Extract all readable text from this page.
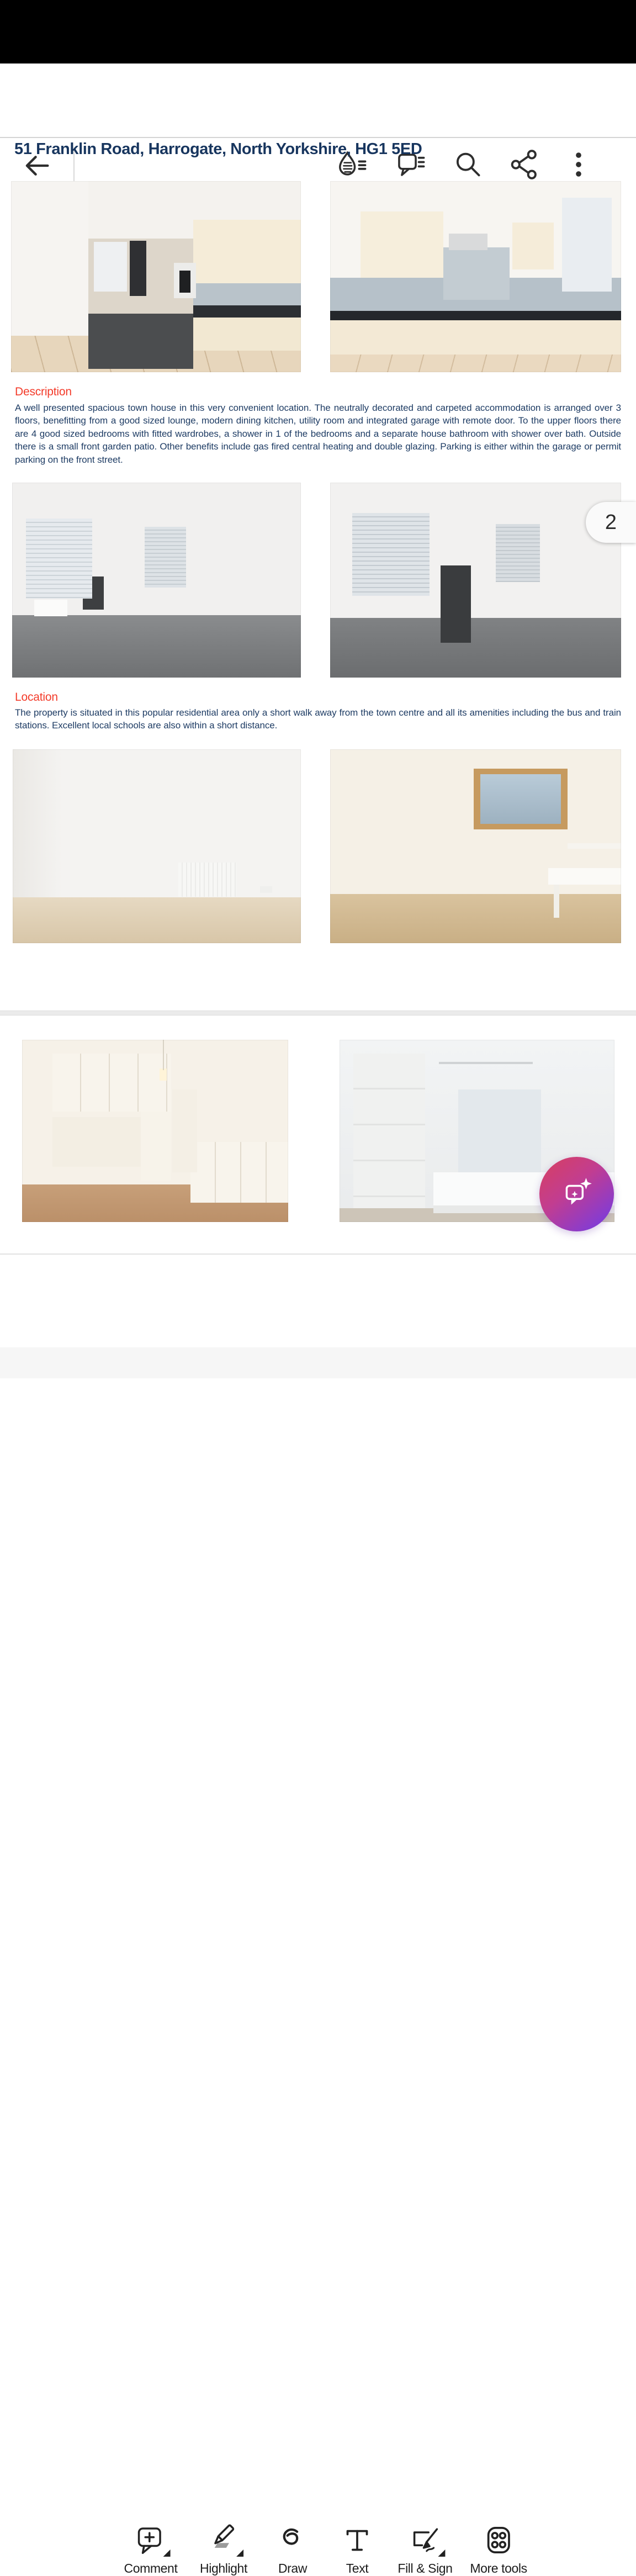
51 Franklin Road, Harrogate, North Yorkshire, HG1 5ED
Description
A well presented spacious town house in this very convenient location. The neutrally decorated and carpeted accommodation is arranged over 3 floors, benefitting from a good sized lounge, modern dining kitchen, utility room and integrated garage with remote door. To the upper floors there are 4 good sized bedrooms with fitted wardrobes, a shower in 1 of the bedrooms and a separate house bathroom with shower over bath. Outside there is a small front garden patio. Other benefits include gas fired central heating and double glazing. Parking is either within the garage or permit parking on the front street.
Location
The property is situated in this popular residential area only a short walk away from the town centre and all its amenities including the bus and train stations. Excellent local schools are also within a short distance.
2
Comment Highlight Draw	Text	Fill & Sign More tools
